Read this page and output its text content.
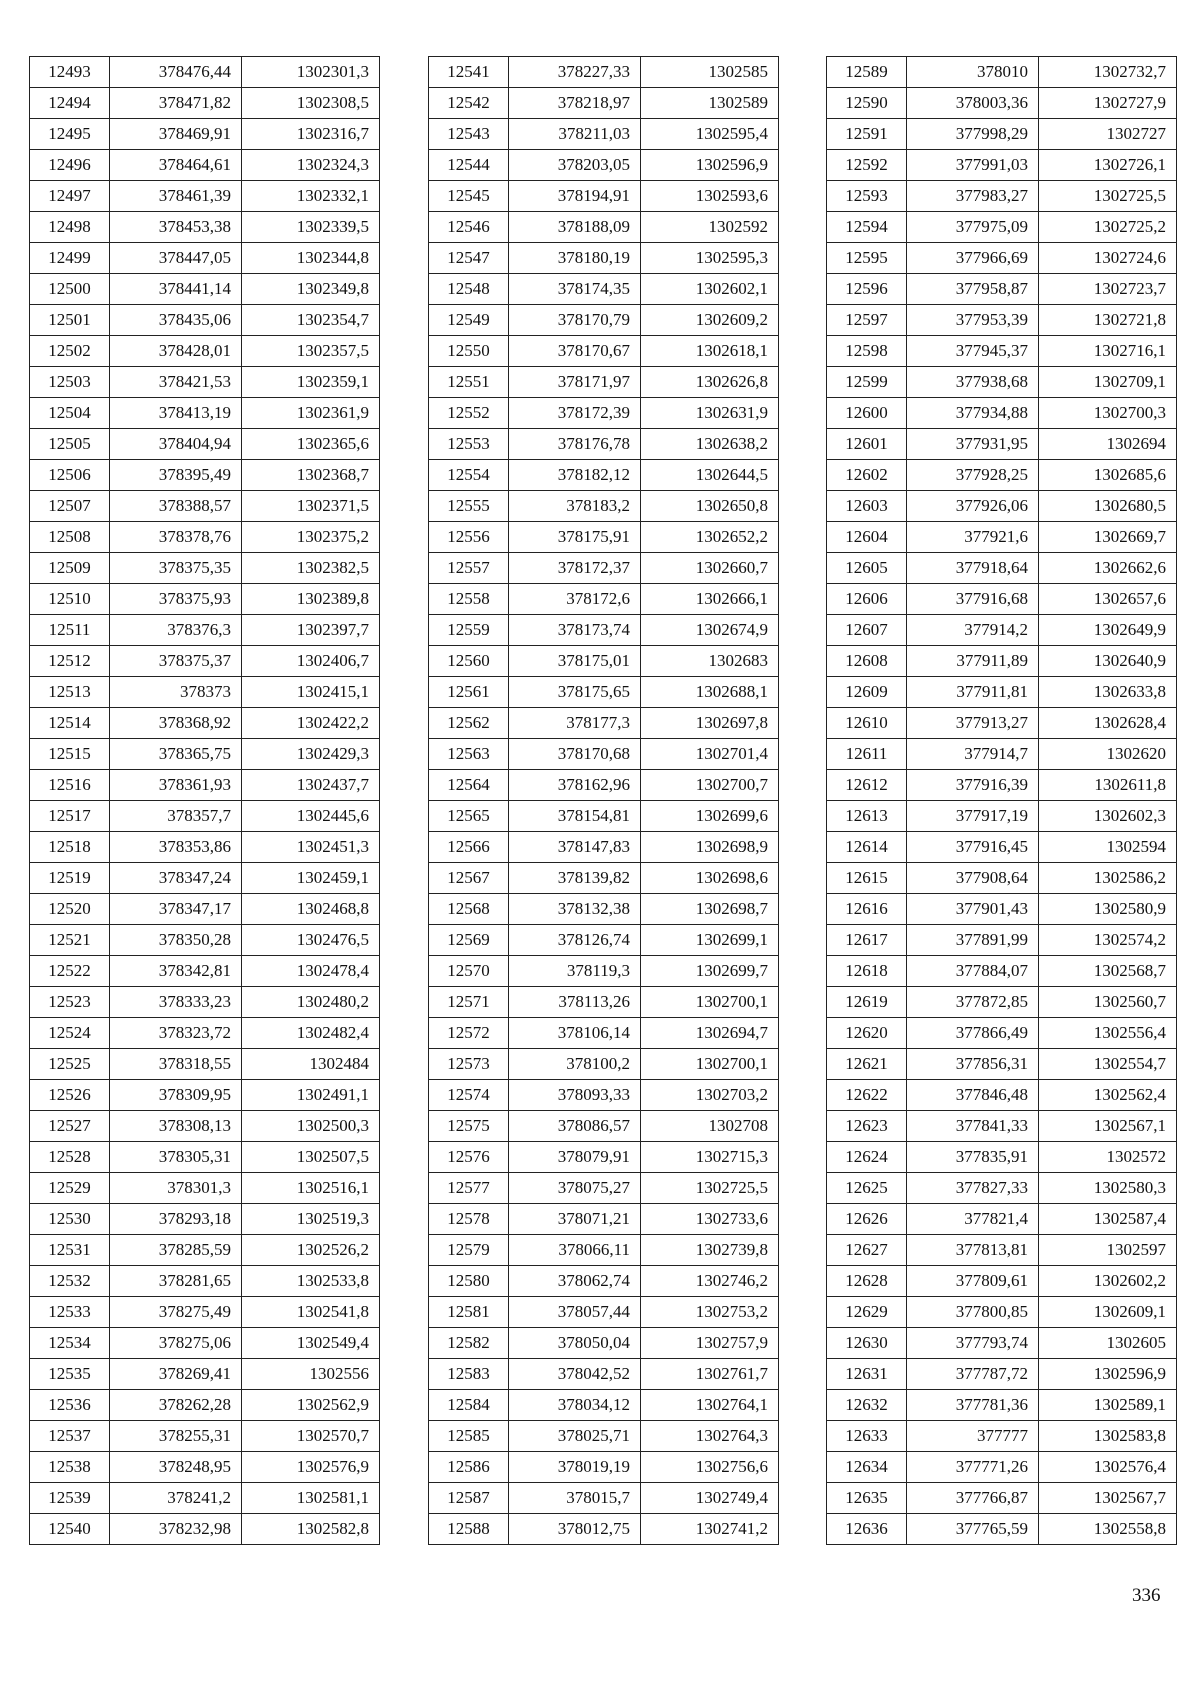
12493	378476,44	1302301,3
12494	378471,82	1302308,5
12495	378469,91	1302316,7
12496	378464,61	1302324,3
12497	378461,39	1302332,1
12498	378453,38	1302339,5
12499	378447,05	1302344,8
12500	378441,14	1302349,8
12501	378435,06	1302354,7
12502	378428,01	1302357,5
12503	378421,53	1302359,1
12504	378413,19	1302361,9
12505	378404,94	1302365,6
12506	378395,49	1302368,7
12507	378388,57	1302371,5
12508	378378,76	1302375,2
12509	378375,35	1302382,5
12510	378375,93	1302389,8
12511	378376,3	1302397,7
12512	378375,37	1302406,7
12513	378373	1302415,1
12514	378368,92	1302422,2
12515	378365,75	1302429,3
12516	378361,93	1302437,7
12517	378357,7	1302445,6
12518	378353,86	1302451,3
12519	378347,24	1302459,1
12520	378347,17	1302468,8
12521	378350,28	1302476,5
12522	378342,81	1302478,4
12523	378333,23	1302480,2
12524	378323,72	1302482,4
12525	378318,55	1302484
12526	378309,95	1302491,1
12527	378308,13	1302500,3
12528	378305,31	1302507,5
12529	378301,3	1302516,1
12530	378293,18	1302519,3
12531	378285,59	1302526,2
12532	378281,65	1302533,8
12533	378275,49	1302541,8
12534	378275,06	1302549,4
12535	378269,41	1302556
12536	378262,28	1302562,9
12537	378255,31	1302570,7
12538	378248,95	1302576,9
12539	378241,2	1302581,1
12540	378232,98	1302582,8
12541	378227,33	1302585
12542	378218,97	1302589
12543	378211,03	1302595,4
12544	378203,05	1302596,9
12545	378194,91	1302593,6
12546	378188,09	1302592
12547	378180,19	1302595,3
12548	378174,35	1302602,1
12549	378170,79	1302609,2
12550	378170,67	1302618,1
12551	378171,97	1302626,8
12552	378172,39	1302631,9
12553	378176,78	1302638,2
12554	378182,12	1302644,5
12555	378183,2	1302650,8
12556	378175,91	1302652,2
12557	378172,37	1302660,7
12558	378172,6	1302666,1
12559	378173,74	1302674,9
12560	378175,01	1302683
12561	378175,65	1302688,1
12562	378177,3	1302697,8
12563	378170,68	1302701,4
12564	378162,96	1302700,7
12565	378154,81	1302699,6
12566	378147,83	1302698,9
12567	378139,82	1302698,6
12568	378132,38	1302698,7
12569	378126,74	1302699,1
12570	378119,3	1302699,7
12571	378113,26	1302700,1
12572	378106,14	1302694,7
12573	378100,2	1302700,1
12574	378093,33	1302703,2
12575	378086,57	1302708
12576	378079,91	1302715,3
12577	378075,27	1302725,5
12578	378071,21	1302733,6
12579	378066,11	1302739,8
12580	378062,74	1302746,2
12581	378057,44	1302753,2
12582	378050,04	1302757,9
12583	378042,52	1302761,7
12584	378034,12	1302764,1
12585	378025,71	1302764,3
12586	378019,19	1302756,6
12587	378015,7	1302749,4
12588	378012,75	1302741,2
12589	378010	1302732,7
12590	378003,36	1302727,9
12591	377998,29	1302727
12592	377991,03	1302726,1
12593	377983,27	1302725,5
12594	377975,09	1302725,2
12595	377966,69	1302724,6
12596	377958,87	1302723,7
12597	377953,39	1302721,8
12598	377945,37	1302716,1
12599	377938,68	1302709,1
12600	377934,88	1302700,3
12601	377931,95	1302694
12602	377928,25	1302685,6
12603	377926,06	1302680,5
12604	377921,6	1302669,7
12605	377918,64	1302662,6
12606	377916,68	1302657,6
12607	377914,2	1302649,9
12608	377911,89	1302640,9
12609	377911,81	1302633,8
12610	377913,27	1302628,4
12611	377914,7	1302620
12612	377916,39	1302611,8
12613	377917,19	1302602,3
12614	377916,45	1302594
12615	377908,64	1302586,2
12616	377901,43	1302580,9
12617	377891,99	1302574,2
12618	377884,07	1302568,7
12619	377872,85	1302560,7
12620	377866,49	1302556,4
12621	377856,31	1302554,7
12622	377846,48	1302562,4
12623	377841,33	1302567,1
12624	377835,91	1302572
12625	377827,33	1302580,3
12626	377821,4	1302587,4
12627	377813,81	1302597
12628	377809,61	1302602,2
12629	377800,85	1302609,1
12630	377793,74	1302605
12631	377787,72	1302596,9
12632	377781,36	1302589,1
12633	377777	1302583,8
12634	377771,26	1302576,4
12635	377766,87	1302567,7
12636	377765,59	1302558,8
336
